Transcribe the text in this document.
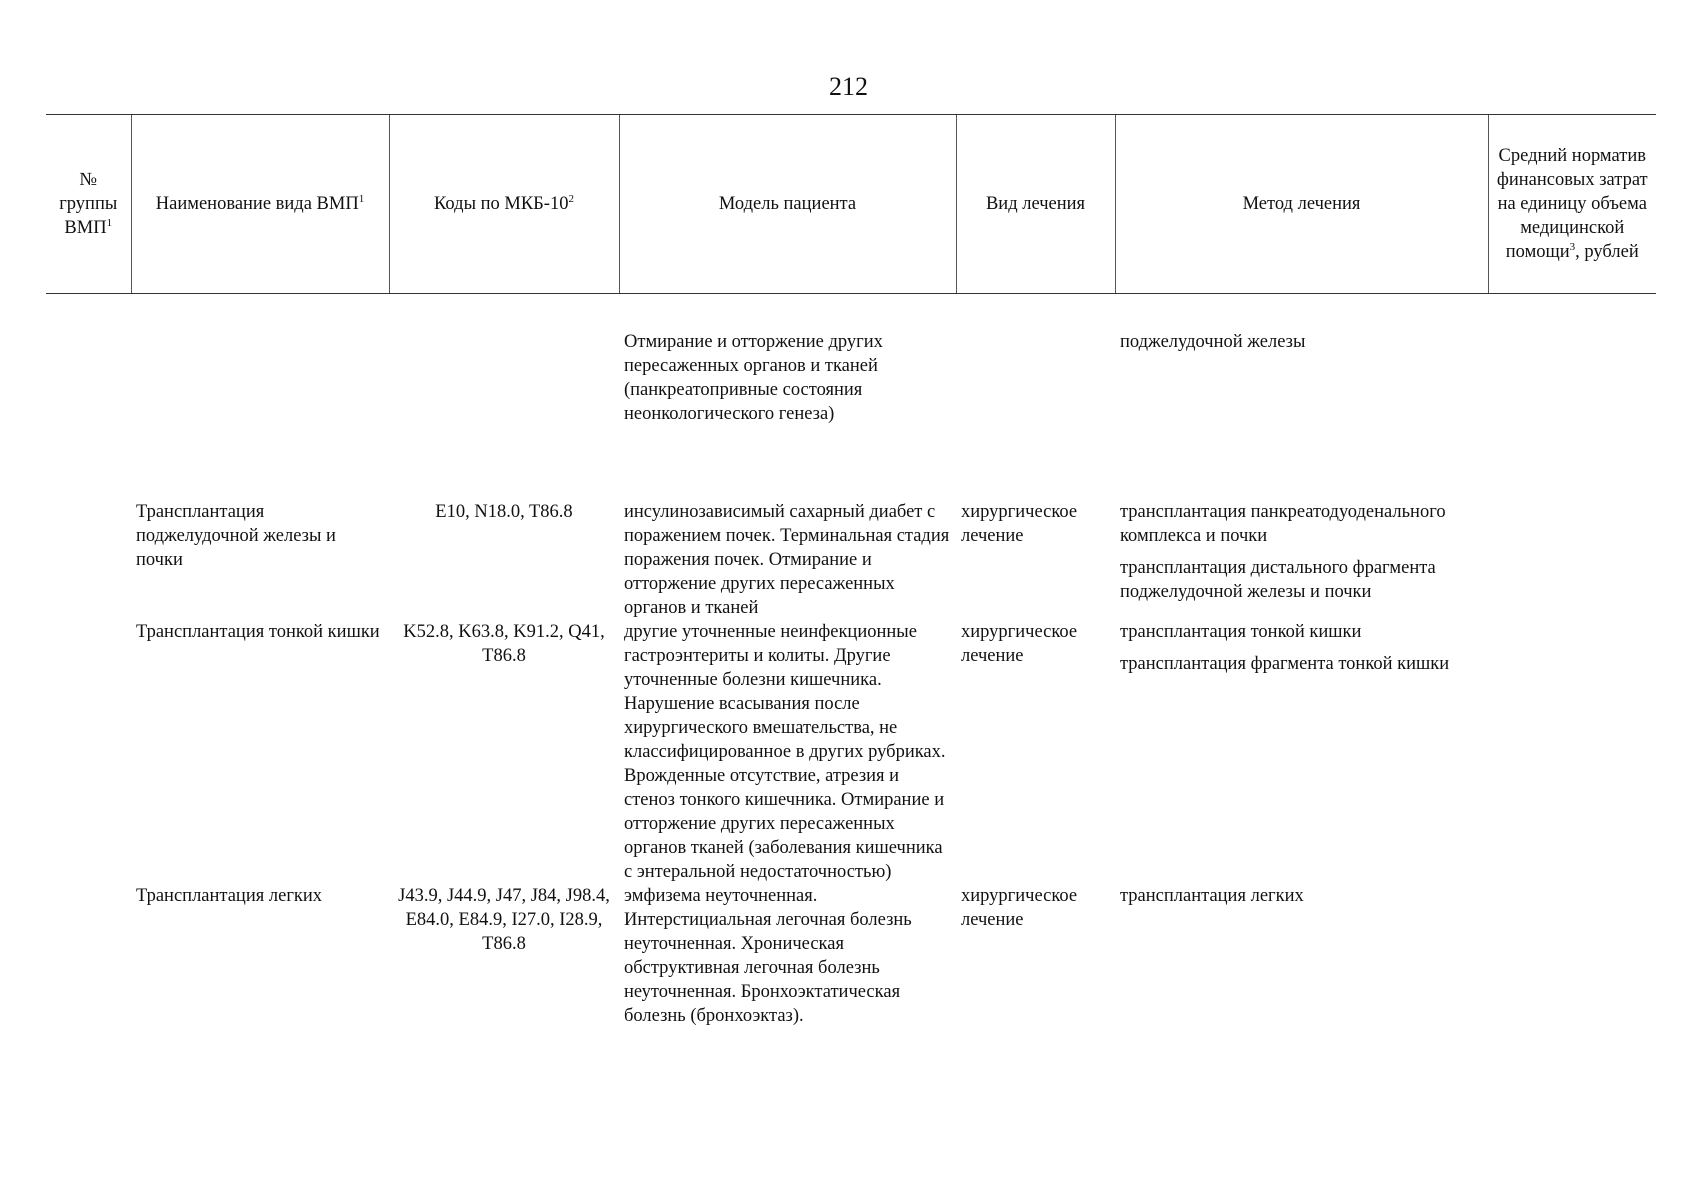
212
№ группы ВМП$^1$	Наименование вида ВМП$^1$	Коды по МКБ-$10^2$	Модель пациента	Вид лечения	Метод лечения	Средний норматив финансовых затрат на единицу объема медицинской помощи$^3$, рублей

			Отмирание и отторжение других пересаженных органов и тканей (панкреатопривные состояния неонкологического генеза)		поджелудочной железы	

	Трансплантация поджелудочной железы и почки	E10, N18.0, T86.8	инсулинозависимый сахарный диабет с поражением почек. Терминальная стадия поражения почек. Отмирание и отторжение других пересаженных органов и тканей	хирургическое лечение	трансплантация панкреатодуоденального комплекса и почки
трансплантация дистального фрагмента поджелудочной железы и почки	

	Трансплантация тонкой кишки	K52.8, K63.8, K91.2, Q41, T86.8	другие уточненные неинфекционные гастроэнтериты и колиты. Другие уточненные болезни кишечника. Нарушение всасывания после хирургического вмешательства, не классифицированное в других рубриках. Врожденные отсутствие, атрезия и стеноз тонкого кишечника. Отмирание и отторжение других пересаженных органов тканей (заболевания кишечника с энтеральной недостаточностью)	хирургическое лечение	трансплантация тонкой кишки
трансплантация фрагмента тонкой кишки	

	Трансплантация легких	J43.9, J44.9, J47, J84, J98.4, E84.0, E84.9, I27.0, I28.9, T86.8	эмфизема неуточненная. Интерстициальная легочная болезнь неуточненная. Хроническая обструктивная легочная болезнь неуточненная. Бронхоэктатическая болезнь (бронхоэктаз).	хирургическое лечение	трансплантация легких	
